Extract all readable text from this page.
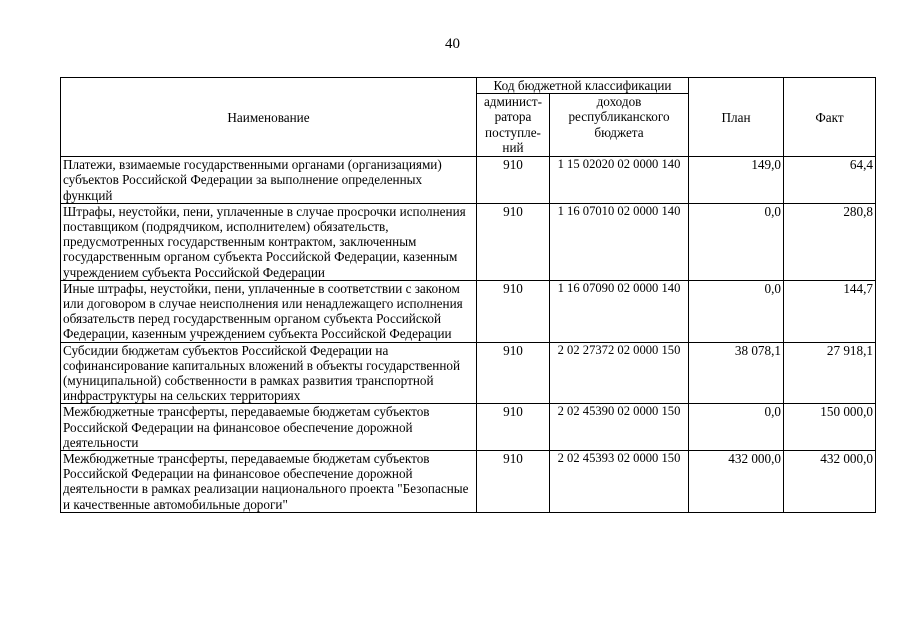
40
Наименование	Код бюджетной классификации		План	Факт
	админист-ратора поступле-ний	доходов республиканского бюджета		
Платежи, взимаемые государственными органами (организациями) субъектов Российской Федерации за выполнение определенных функций	910	1 15 02020 02 0000 140	149,0	64,4
Штрафы, неустойки, пени, уплаченные в случае просрочки исполнения поставщиком (подрядчиком, исполнителем) обязательств, предусмотренных государственным контрактом, заключенным государственным органом субъекта Российской Федерации, казенным учреждением субъекта Российской Федерации	910	1 16 07010 02 0000 140	0,0	280,8
Иные штрафы, неустойки, пени, уплаченные в соответствии с законом или договором в случае неисполнения или ненадлежащего исполнения обязательств перед государственным органом субъекта Российской Федерации, казенным учреждением субъекта Российской Федерации	910	1 16 07090 02 0000 140	0,0	144,7
Субсидии бюджетам субъектов Российской Федерации на софинансирование капитальных вложений в объекты государственной (муниципальной) собственности в рамках развития транспортной инфраструктуры на сельских территориях	910	2 02 27372 02 0000 150	38 078,1	27 918,1
Межбюджетные трансферты, передаваемые бюджетам субъектов Российской Федерации на финансовое обеспечение дорожной деятельности	910	2 02 45390 02 0000 150	0,0	150 000,0
Межбюджетные трансферты, передаваемые бюджетам субъектов Российской Федерации на финансовое обеспечение дорожной деятельности в рамках реализации национального проекта "Безопасные и качественные автомобильные дороги"	910	2 02 45393 02 0000 150	432 000,0	432 000,0
